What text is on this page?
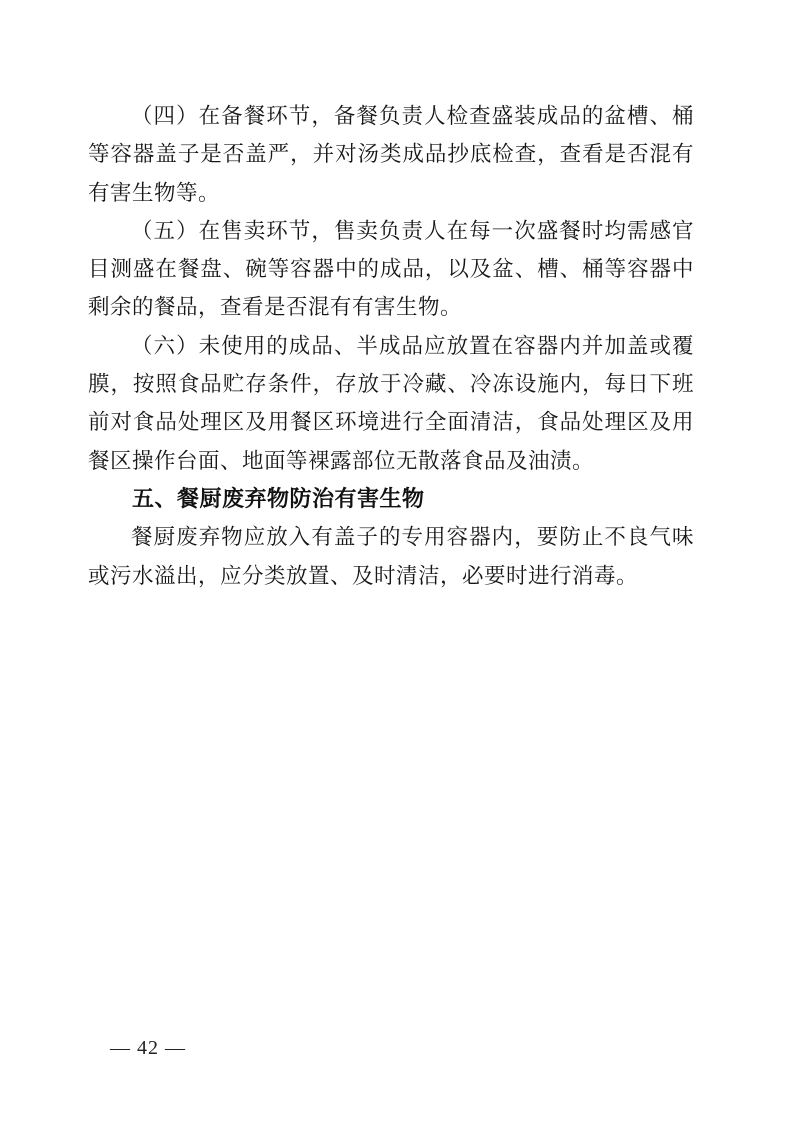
（四）在备餐环节，备餐负责人检查盛装成品的盆槽、桶等容器盖子是否盖严，并对汤类成品抄底检查，查看是否混有有害生物等。

（五）在售卖环节，售卖负责人在每一次盛餐时均需感官目测盛在餐盘、碗等容器中的成品，以及盆、槽、桶等容器中剩余的餐品，查看是否混有有害生物。

（六）未使用的成品、半成品应放置在容器内并加盖或覆膜，按照食品贮存条件，存放于冷藏、冷冻设施内，每日下班前对食品处理区及用餐区环境进行全面清洁，食品处理区及用餐区操作台面、地面等裸露部位无散落食品及油渍。

五、餐厨废弃物防治有害生物

餐厨废弃物应放入有盖子的专用容器内，要防止不良气味或污水溢出，应分类放置、及时清洁，必要时进行消毒。

— 42 —
